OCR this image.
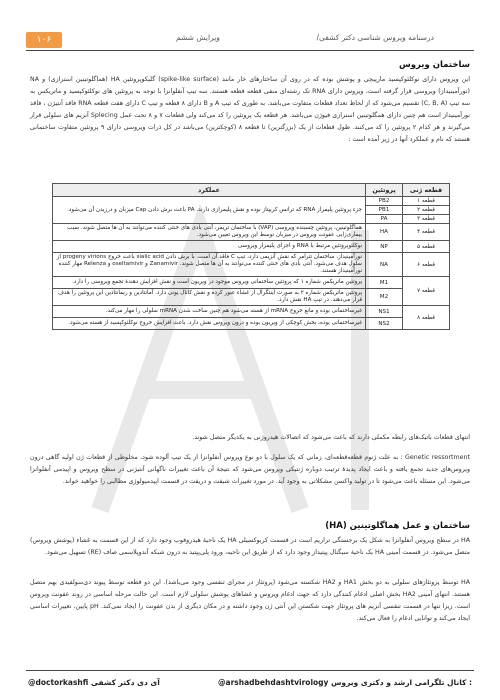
۱۰۶	درسنامه ویروس شناسی دکتر کشفی/
ویرایش ششم
ساختمان ویروس
این ویروس دارای نوکلئوکپسید مارپیچی و پوشش بوده که در روی آن ساختارهای خار مانند (spike-like surface) گلیکوپروتئین HA (هماگلوتینین استرازی) و NA (نورآمینیداز) ویروسی قرار گرفته است، ویروس دارای RNA تک رشته‌ای منفی قطعه قطعه هستند. سه تیپ آنفلوانزا با توجه به پروتئین های نوکلئوکپسید و ماتریکس به سه تیپ (C, B, A) تقسیم می‌شود که از لحاظ تعداد قطعات متفاوت می‌باشد. به طوری که تیپ A و B دارای ۸ قطعه و تیپ C دارای هفت قطعه RNA فاقد آنتیژن ، فاقد نورآمینیداز است هم چنین دارای همگلوتینین استرازی فیوژن می‌باشد. هر قطعه یک پروتئین را کد می‌کند ولی قطعات ۷ و ۸ تحت عمل Splecing آنزیم های سلولی قرار می‌گیرند و هر کدام ۲ پروتئین را کد می‌کنند. طول قطعات از یک (بزرگترین) تا قطعه ۸ (کوچکترین) می‌باشد در کل ذرات ویروسی دارای ۹ پروتئین متفاوت ساختمانی هستند که نام و عملکرد آنها در زیر آمده است :
قطعه ژنی	پروتئین	عملکرد
قطعه ۱	PB2	جزء پروتئین پلیمراز RNA که ترانس کریپتاز بوده و نقش پلیمرازی دارند. PA باعث برش دادن Cap میزبان و درزیدن آن می‌شود.
قطعه ۲	PB1	
قطعه ۳	PA	
قطعه ۴	HA	هماگلوتینین، پروتئین چسبنده ویروسی (VAP) با ساختمان تریمر، آنتی بادی های خنثی کننده می‌توانند به آن ها متصل شوند. سبب بیماری‌زایی عفونت ویروس در میزبان توسط این ویروس تعیین می‌شود.
قطعه ۵	NP	نوکلئوپروتئین مرتبط با RNA و اجزای پلیمراز ویروسی
قطعه ۶	NA	نورآمینیداز، ساختمان تترامر که نقش آنزیمی دارد، تیپ C فاقد آن است. با برش دادن sialic acid باعث خروج progeny virions از سلول هدف می‌شود. آنتی بادی های خنثی کننده می‌توانند به آن ها متصل شوند. Zanamivir و oseltamivir و Relenza مهار کننده نورآمینیداز هستند.
قطعه ۷	M1	پروتئین ماتریکس شماره ۱ که پروتئین ساختمانی ویروس موجود در ویریون است و نقش افزایش دهندهٔ تجمع ویروسی را دارد.
	M2	پروتئین ماتریکس شماره ۲ به صورت اینتگرال از غشاء عبور کرده و نقش کانال یونی دارد. آمانتادین و ریمانتادین این پروتئین را هدف قرار می‌دهند. در تیپ HA نقش دارد.
قطعه ۸	NS1	غیرساختمانی بوده و مانع خروج mRNA از هسته می‌شود هم چنین ساخت شدن mRNA سلولی را مهار می‌کند.
	NS2	غیرساختمانی بوده، بخش کوچکی از ویریون بوده و درون ویروس نقش دارد. باعث افزایش خروج نوکلئوکپسید از هسته می‌شود.
انتهای قطعات باتیک‌های رابطه مکملی دارند که باعث می‌شود که اتصالات هیدروژنی به یکدیگر متصل شوند.
Genetic ressortment : به علت ژنوم قطعه‌قطعه‌ای، زمانی که یک سلول با دو نوع ویروس آنفلوانزا از یک تیپ آلوده شود، مخلوطی از قطعات ژن اولیه گاهی درون ویروس‌های جدید تجمع یافته و باعث ایجاد پدیدهٔ ترتیب دوباره ژنتیکی ویروس می‌شود که نتیجهٔ آن باعث تغییرات ناگهانی آنتیژنی در سطح ویروس و اپیدمی آنفلوانزا می‌شود. این مسئله باعث می‌شود تا در تولید واکسن مشکلاتی به وجود آید. در مورد تغییرات شیفت و دریفت در قسمت اپیدمیولوژی مطالبی را خواهید خواند.
ساختمان و عمل هماگلوتینین (HA)
HA در سطح ویروس آنفلوانزا به شکل یک برجستگی تراریم است در قسمت کربوکسیلی HA یک ناحیهٔ هیدروفوب وجود دارد که از این قسمت به غشاء (پوشش ویروس) متصل می‌شود. در قسمت آمینی HA یک ناحیهٔ سیگنال پپتیداز وجود دارد که از طریق این ناحیه، ورود پلی‌پپتید به درون شبکه آندوپلاسمی صاف (RE) تسهیل می‌شود.
HA توسط پروتئازهای سلولی به دو بخش HA1 و HA2 شکسته می‌شود (پروتئاز در مجرای تنفسی وجود می‌باشد). این دو قطعه توسط پیوند دی‌سولفیدی بهم متصل هستند. انتهای آمینی HA2 بخش اصلی ادغام کنندگی دارد که جهت ادغام ویروس و غشاهای پوشش سلولی لازم است. این حالت مرحله اساسی در روند عفونت ویروس است. زیرا تنها در قسمت تنفسی آنزیم های پروتئاز جهت شکستن این آنتی ژن وجود داشته و در مکان دیگری از بدن عفونت را ایجاد نمی‌کند. pH پایین، تغییرات اساسی ایجاد می‌کند و توانایی ادغام را فعال می‌کند.
@doctorkashfi آی دی دکتر کشفی	@arshadbehdashtvirology کانال تلگرامی ارشد و دکتری ویروس :
